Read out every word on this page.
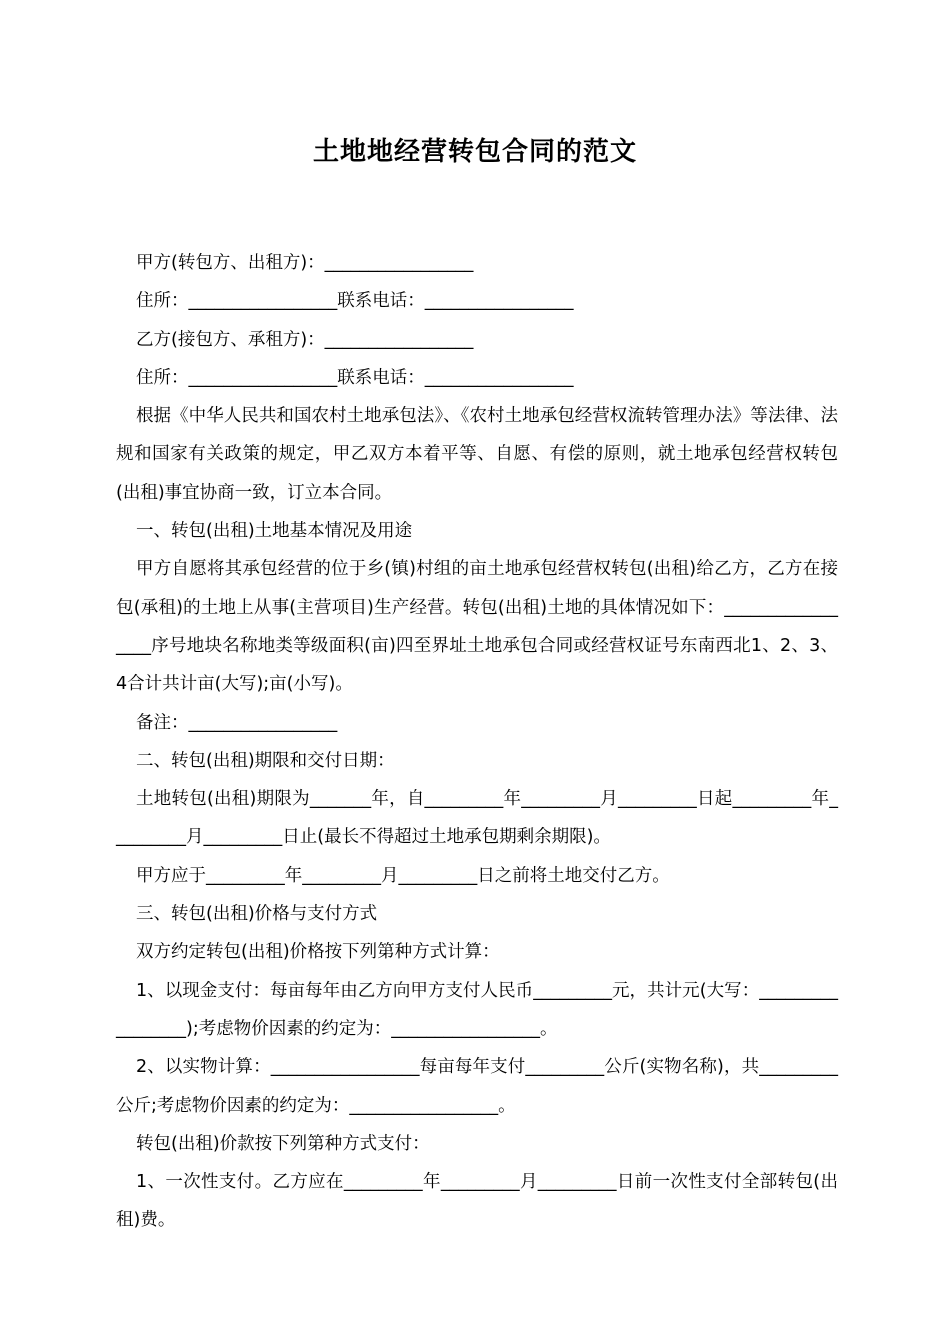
土地地经营转包合同的范文

甲方(转包方、出租方)：_________________

住所：_________________联系电话：_________________

乙方(接包方、承租方)：_________________

住所：_________________联系电话：_________________

根据《中华人民共和国农村土地承包法》、《农村土地承包经营权流转管理办法》等法律、法规和国家有关政策的规定，甲乙双方本着平等、自愿、有偿的原则，就土地承包经营权转包(出租)事宜协商一致，订立本合同。

一、转包(出租)土地基本情况及用途

甲方自愿将其承包经营的位于乡(镇)村组的亩土地承包经营权转包(出租)给乙方，乙方在接包(承租)的土地上从事(主营项目)生产经营。转包(出租)土地的具体情况如下：_________________序号地块名称地类等级面积(亩)四至界址土地承包合同或经营权证号东南西北1、2、3、4合计共计亩(大写);亩(小写)。

备注：_________________

二、转包(出租)期限和交付日期：

土地转包(出租)期限为_______年，自_________年_________月_________日起_________年_________月_________日止(最长不得超过土地承包期剩余期限)。

甲方应于_________年_________月_________日之前将土地交付乙方。

三、转包(出租)价格与支付方式

双方约定转包(出租)价格按下列第种方式计算：

1、以现金支付：每亩每年由乙方向甲方支付人民币_________元，共计元(大写：_________________);考虑物价因素的约定为：_________________。

2、以实物计算：_________________每亩每年支付_________公斤(实物名称)，共_________公斤;考虑物价因素的约定为：_________________。

转包(出租)价款按下列第种方式支付：

1、一次性支付。乙方应在_________年_________月_________日前一次性支付全部转包(出租)费。
